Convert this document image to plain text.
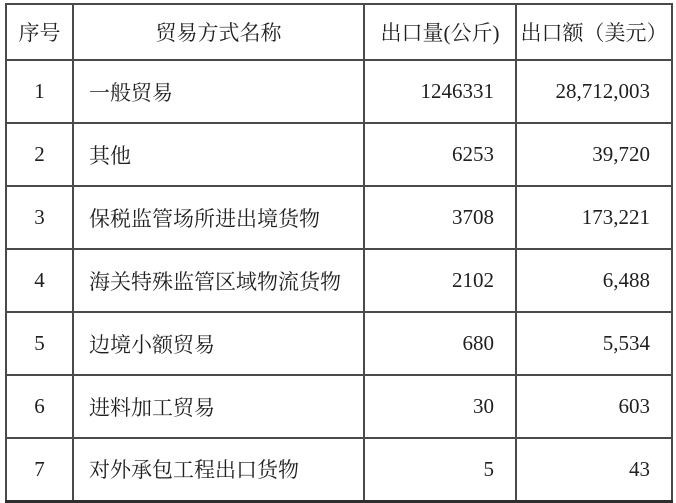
序号	贸易方式名称	出口量(公斤)	出口额（美元）
1	一般贸易	1246331	28,712,003
2	其他	6253	39,720
3	保税监管场所进出境货物	3708	173,221
4	海关特殊监管区域物流货物	2102	6,488
5	边境小额贸易	680	5,534
6	进料加工贸易	30	603
7	对外承包工程出口货物	5	43
